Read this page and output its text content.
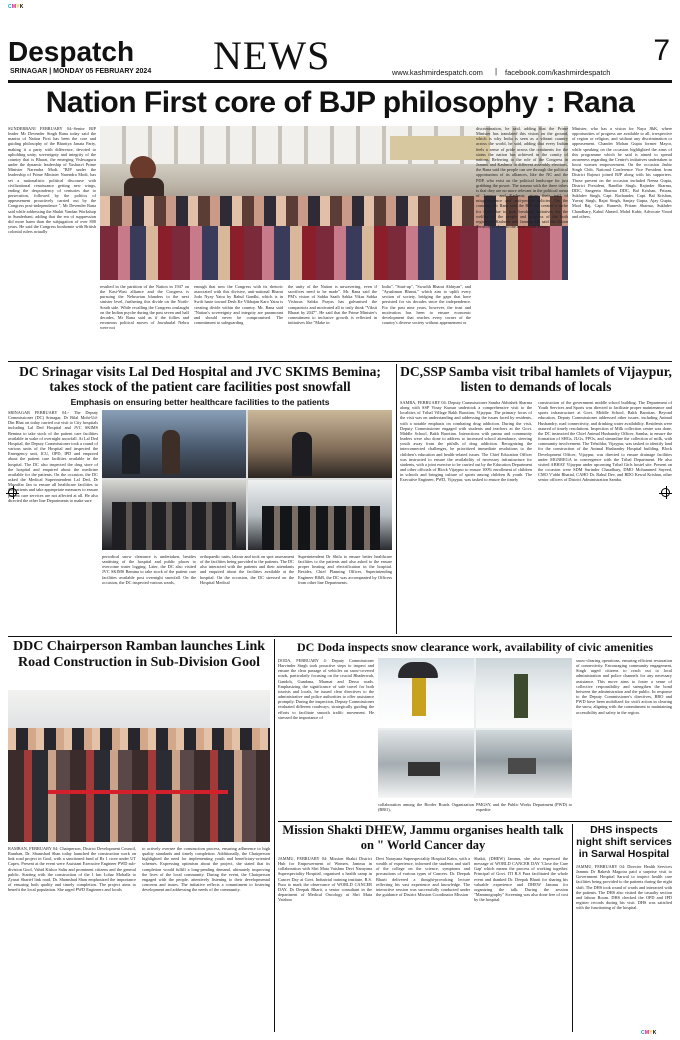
CMYK
Despatch
SRINAGAR | MONDAY 05 FEBRUARY 2024 NEWS	7
www.kashmirdespatch.com | facebook.com/kashmirdespatch
Nation First core of BJP philosophy : Rana

SUNDERBANI FEBRUARY 04:-Senior BJP leader Mr Devender Singh Rana today said the mantra of Nation First has been the core and guiding philosophy of the Bhartiya Janata Party, making it a party with difference, devoted to upholding unity, sovereignty and integrity of the country that is Bharat, the emerging Vishwaguru under the dynamic leadership of Yashasvi Prime Minister Narendra Modi. "BJP under the leadership of Prime Minister Narendra Modi, has set a nationalistic political discourse with civilizational renaissance getting new wings, ending the despondency of centuries due to persecution, followed by the politics of appeasement proactively carried out by the Congress post-independence ", Mr Devender Rana said while addressing the Shakti Vandan Workshop in Sunderbani, adding that the era of suppression did more harm than the subjugation of over 800 years. He said the Congress bonhomie with British colonial rulers actually

resulted in the partition of the Nation in 1947 on the Kasi-Wasi alliance and the Congress is pursuing the Nehruvian blunders to the next sinister level, furthering this divide on the North-South side. While recalling the Congress onslaught on the Indian psyche during the past seven and half decades, Mr Rana said as if the follies and erroneous political moves of Jawaharlal Nehru were not

enough that now the Congress with its rhetoric associated with this divisive, anti-national Bharat Jodo Nyay Yatra by Rahul Gandhi, which is in Swift haste toward Desh Ke Vibhajan Karo Yatra is creating divide within the country. Mr. Rana said "Nation's sovereignty and integrity are paramount and should never be compromised. The commitment to safeguarding

the unity of the Nation is unwavering, even if sacrifices need to be made". Mr. Rana said the PM's vision of Sabka Saath Sabka Vikas Sabka Vishwas Sabka Prayas has galvanised the compatriots and motivated all to truly think "Viksit Bharat by 2047". He said that the Prime Minister's commitment to inclusive growth is reflected in initiatives like "Make in

India", "Start-up", "Swachh Bharat Abhiyan", and "Ayushman Bharat," which aim to uplift every section of society, bridging the gaps that have persisted for six decades since the independence. For the past nine years, however, the trust and motivation has been to ensure economic development that reaches every corner of the country's diverse society without appeasement or

discrimination, he said, adding that the Prime Minister has translated this vision on the ground, which is why India is seen as a vibrant country across the world, he said, adding that every Indian feels a sense of pride across the continents for the status the nation has achieved in the comity of nations. Referring to the role of the Congress in Jammu and Kashmir in different assembly elections, the Rana said the people can see through the political opportunism of its alliances, like the NC and the PDP, who exist on the political landscape for just grabbing the power. The trauma with the three tribes is that they are no more relevant in the political arena of Jammu and Kashmir, given their trail of misgovernance and anti-people policies. On the contrary, Mr Rana said the BJP has created a niche for itself due to path breaking initiatives for the welfare of the people and progress of the both regions of Kashmir and Jammu. He said the Union Territory is close to the heart of the Prime

Minister, who has a vision for Naya J&K, where opportunities of progress are available to all, irrespective of region or religion, and without any discrimination or appeasement. Chander Mohan Gupta former Mayor, while speaking on the occasion highlighted the aims of this programme which he said is aimed to spread awareness regarding the Centre's initiatives undertaken to boost women empowerment. On the occasion Jasbir Singh Chib, National Conference Vice President from District Rajouri joined BJP along with his supporters. Those present on the occasion included Neena Gupta, District President, Randhir Singh, Rajinder Sharma, DDC, Sangeeta Sharma DDC, Bal Krishan, Pritam, Sukhdev Singh, Capt. Rachander, Capt. Bal Krishan, Yuvraj Singh, Rajat Singh, Sanjay Gupta, Ajay Gupta, Mool Raj, Capt. Ramesh, Pritam Sharma, Sukhdev Chaudhary, Kabul Ahmed, Mohd Kabir, Advocate Vinod and others.

DC Srinagar visits Lal Ded Hospital and JVC SKIMS Bemina; takes stock of the patient care facilities post snowfall
Emphasis on ensuring better healthcare facilities to the patients

SRINAGAR FEBRUARY 04:- The Deputy Commissioner (DC) Srinagar, Dr Bilal Mohi-Ud-Din Bhat on today carried out visit to City hospitals including Lal Ded Hospital and JVC SKIMS Bemina to take stock of the patient care facilities available in wake of overnight snowfall. At Lal Ded Hospital, the Deputy Commissioner took a round of various units of the Hospital and inspected the Emergency unit, ICU, OPD, IPD and enquired about the patient care facilities available in the hospital. The DC also inspected the drug store of the hospital and enquired about the medicine available for the patients. On the occasion, the DC asked the Medical Superintendent Lal Ded, Dr Muzaffar Jan to ensure all healthcare facilities to the patients and take appropriate measures to ensure patient care services are not affected at all. He also directed the other line Departments to make sure

periodical snow clearance is undertaken, besides sanitising of the hospital and public places to overcome water logging. Later, the DC also visited JVC SKIMS Bemina to take stock of the patient care facilities available post overnight snowfall. On the occasion, the DC inspected various wards,

orthopaedic units, labour and took on spot assessment of the facilities being provided to the patients. The DC also interacted with the patients and their attendants and enquired about the facilities available at the hospital. On the occasion, the DC stressed on the Hospital Medical

Superintendent Dr Shifa to ensure better healthcare facilities to the patients and also asked to the ensure proper heating and electrification in the hospital. Besides, Chief Planning Officer, Superintending Engineer R&B, the DC was accompanied by Officers from other line Departments.

DC,SSP Samba visit tribal hamlets of Vijaypur, listen to demands of locals

SAMBA, FEBRUARY 04: Deputy Commissioner Samba Abhishek Sharma along with SSP Vinay Kumar undertook a comprehensive visit to the localities of Tribal Village Bakh Barotian, Vijaypur. The primary focus of the visit was on understanding and addressing the issues faced by residents, with a notable emphasis on combating drug addiction. During the visit, Deputy Commissioner engaged with students and teachers at the Govt. Middle School, Bakh Barotian. Interactions with pannu and community leaders were also done to address to increased school attendance, steering youth away from the pitfalls of drug addiction. Recognizing the interconnected challenges, he prioritized immediate resolutions to the children's education and health-related issues. The Chief Education Officer was instructed to ensure the availability of necessary infrastructure for students, with a joint exercise to be carried out by the Education Department and other officials of Block Vijaypur to ensure 100% enrollment of children in schools and bringing culture of sports among children & youth. The Executive Engineer, PWD, Vijaypur, was tasked to ensure the timely

construction of the government middle school building. The Department of Youth Services and Sports was directed to facilitate proper maintenance and sports infrastructure at Govt. Middle School, Bakh Barotian. Beyond education, Deputy Commissioner addressed other issues, including Animal Husbandry, road connectivity, and drinking water availability. Residents were assured of timely resolutions. Inspection of Milk collection centre was done, the DC instructed the Chief Animal Husbandry Officer, Samba, to ensure the formation of SHGs, JLGs, FPOs, and streamline the collection of milk, with community involvement. The Tehsildar, Vijaypur, was tasked to identify land for the construction of the Animal Husbandry Hospital building. Block Development Officer, Vijaypur, was directed to ensure drainage facilities under MGNREGA in convergence with the Tribal Department. He also visited ABHAY Vijaypur under upcoming Tribal Girls hostel site. Present on the occasion were SDM Surinder Chaudhary, DMO Mohammed Sayeed, CMO V'abhi Bhatial, CAHO Dr. Rahul Dev, and BDO Kewal Krishan, other senior officers of District Administration Samba.

DDC Chairperson Ramban launches Link Road Construction in Sub-Division Gool

RAMBAN, FEBRUARY 04: Chairperson, District Development Council, Ramban, Dr. Shamshad Shan today launched the construction work on link road project in Gool, with a sanctioned fund of Rs 1 crore under UT Capex. Present at the event were Assistant Executive Engineer PWD sub-division Gool, Vahid Kishor Saltu and prominent citizens and the general public. Starting with the construction of the 1 km Lohar Mohalla to Zyarat Sharief link road, Dr. Shamshad Shan emphasized the importance of ensuring both quality and timely completion. The project aims to benefit the local population. She urged PWD Engineers and locals

to actively oversee the construction process, ensuring adherence to high quality standards and timely completion. Additionally, the Chairperson highlighted the need for implementing youth and beneficiary-oriented schemes. Expressing optimism about the project, she stated that its completion would fulfill a long-pending demand, ultimately improving the lives of the local community. During the event, the Chairperson engaged with the people, attentively listening to their developmental concerns and issues. The initiative reflects a commitment to fostering development and addressing the needs of the community.

DC Doda inspects snow clearance work, availability of civic amenities

DODA, FEBRUARY 4: Deputy Commissioner Harvinder Singh took proactive steps to inspect and ensure the clear passage of vehicles on snow-covered roads, particularly focusing on the crucial Bhaderwah, Gandoh, Gundana, Marmat and Dessa roads. Emphasizing the significance of safe travel for both tourists and locals, he issued clear directives to the administrative and police authorities to offer assistance promptly. During the inspection, Deputy Commissioner evaluated different roadways, strategically guiding the efforts to facilitate smooth traffic movement. He stressed the importance of

collaboration among the Border Roads Organization (BRO),

PMGSY, and the Public Works Department (PWD) to expedite

snow-clearing operations, ensuring efficient restoration of connectivity. Encouraging community engagement, Singh urged citizens to reach out to local administration and police channels for any necessary assistance. This move aims to foster a sense of collective responsibility and strengthen the bond between the administration and the public. In response to the Deputy Commissioner's directives, BRO and PWD have been mobilized for swift action in clearing the snow, aligning with the commitment to maintaining accessibility and safety in the region.

Mission Shakti DHEW, Jammu organises health talk on " World Cancer day

JAMMU, FEBRUARY 04: Mission Shakti District Hub for Empowerment of Women, Jammu in collaboration with Shri Mata Vaishno Devi Narayana Superspeciality Hospital, organised a health camp in Cancer Day at Govt. Industrial training institute, R.S. Pura to mark the observance of WORLD CANCER DAY. Dr Deepak Bharti, a senior consultant in the department of Medical Oncology at Shri Mata Vaishno

Devi Narayana Superspeciality Hospital Katra, with a wealth of experience, informed the students and staff of the college on the science, symptoms and precautions of various types of Cancers. Dr. Deepak Bharti delivered a thought-provoking lecture reflecting his vast experience and knowledge. The interactive session was successfully conducted under the guidance of District Mission Coordinator Mission

Shakti, (DHEW) Jammu, she also expressed the message of WORLD CANCER DAY 'Close the Care Gap' which means the process of working together. Principal of Govt. ITI R.S Pura facilitated the whole event and thanked Dr. Deepak Bharti for sharing his valuable experience and DHEW Jammu for organizing the talk. During the session "Mammography" Screening was also done free of cost by the hospital.

DHS inspects night shift services in Sarwal Hospital

JAMMU, FEBRUARY 04: Director Health Services Jammu Dr Rakesh Magotra paid a surprise visit to Government Hospital Sarwal to inspect health care facilities being provided to the patients during the night shift. The DHS took round of wards and interacted with the patients. The DHS also visited the casualty section and labour Room. DHS checked the OPD and IPD register records during his visit. DHS was satisfied with the functioning of the hospital.

CMYK
